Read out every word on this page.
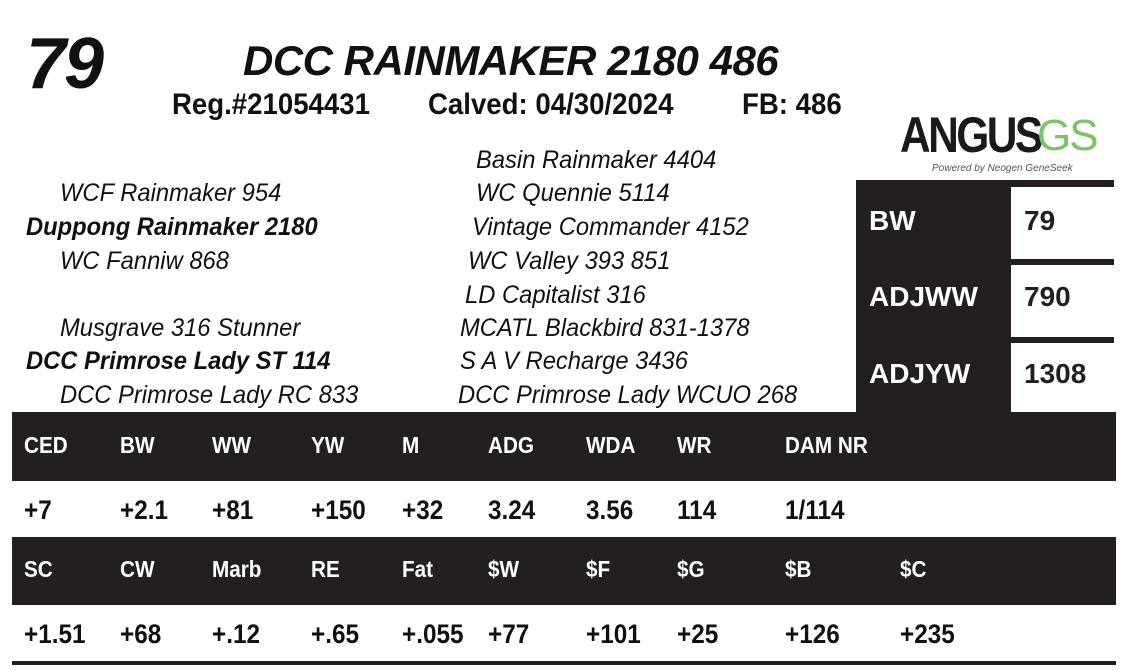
79	DCC RAINMAKER 2180 486
Reg.#21054431 Calved: 04/30/2024 FB: 486
ANGUS
GS
Powered by Neogen GeneSeek
Basin Rainmaker 4404
WCF Rainmaker 954	WC Quennie 5114
Duppong Rainmaker 2180	Vintage Commander 4152
WC Fanniw 868	WC Valley 393 851
LD Capitalist 316
Musgrave 316 Stunner	MCATL Blackbird 831-1378
DCC Primrose Lady ST 114	S A V Recharge 3436
DCC Primrose Lady RC 833	DCC Primrose Lady WCUO 268
BW	79
ADJWW 790
ADJYW 1308
CED BW	WW	YW	M	ADG WDA WR	DAM NR
+7	+2.1 +81 +150 +32 3.24 3.56 114	1/114
SC	CW	Marb RE	Fat $W	$F	$G	$B	$C
+1.51 +68 +.12 +.65 +.055 +77 +101 +25 +126 +235
